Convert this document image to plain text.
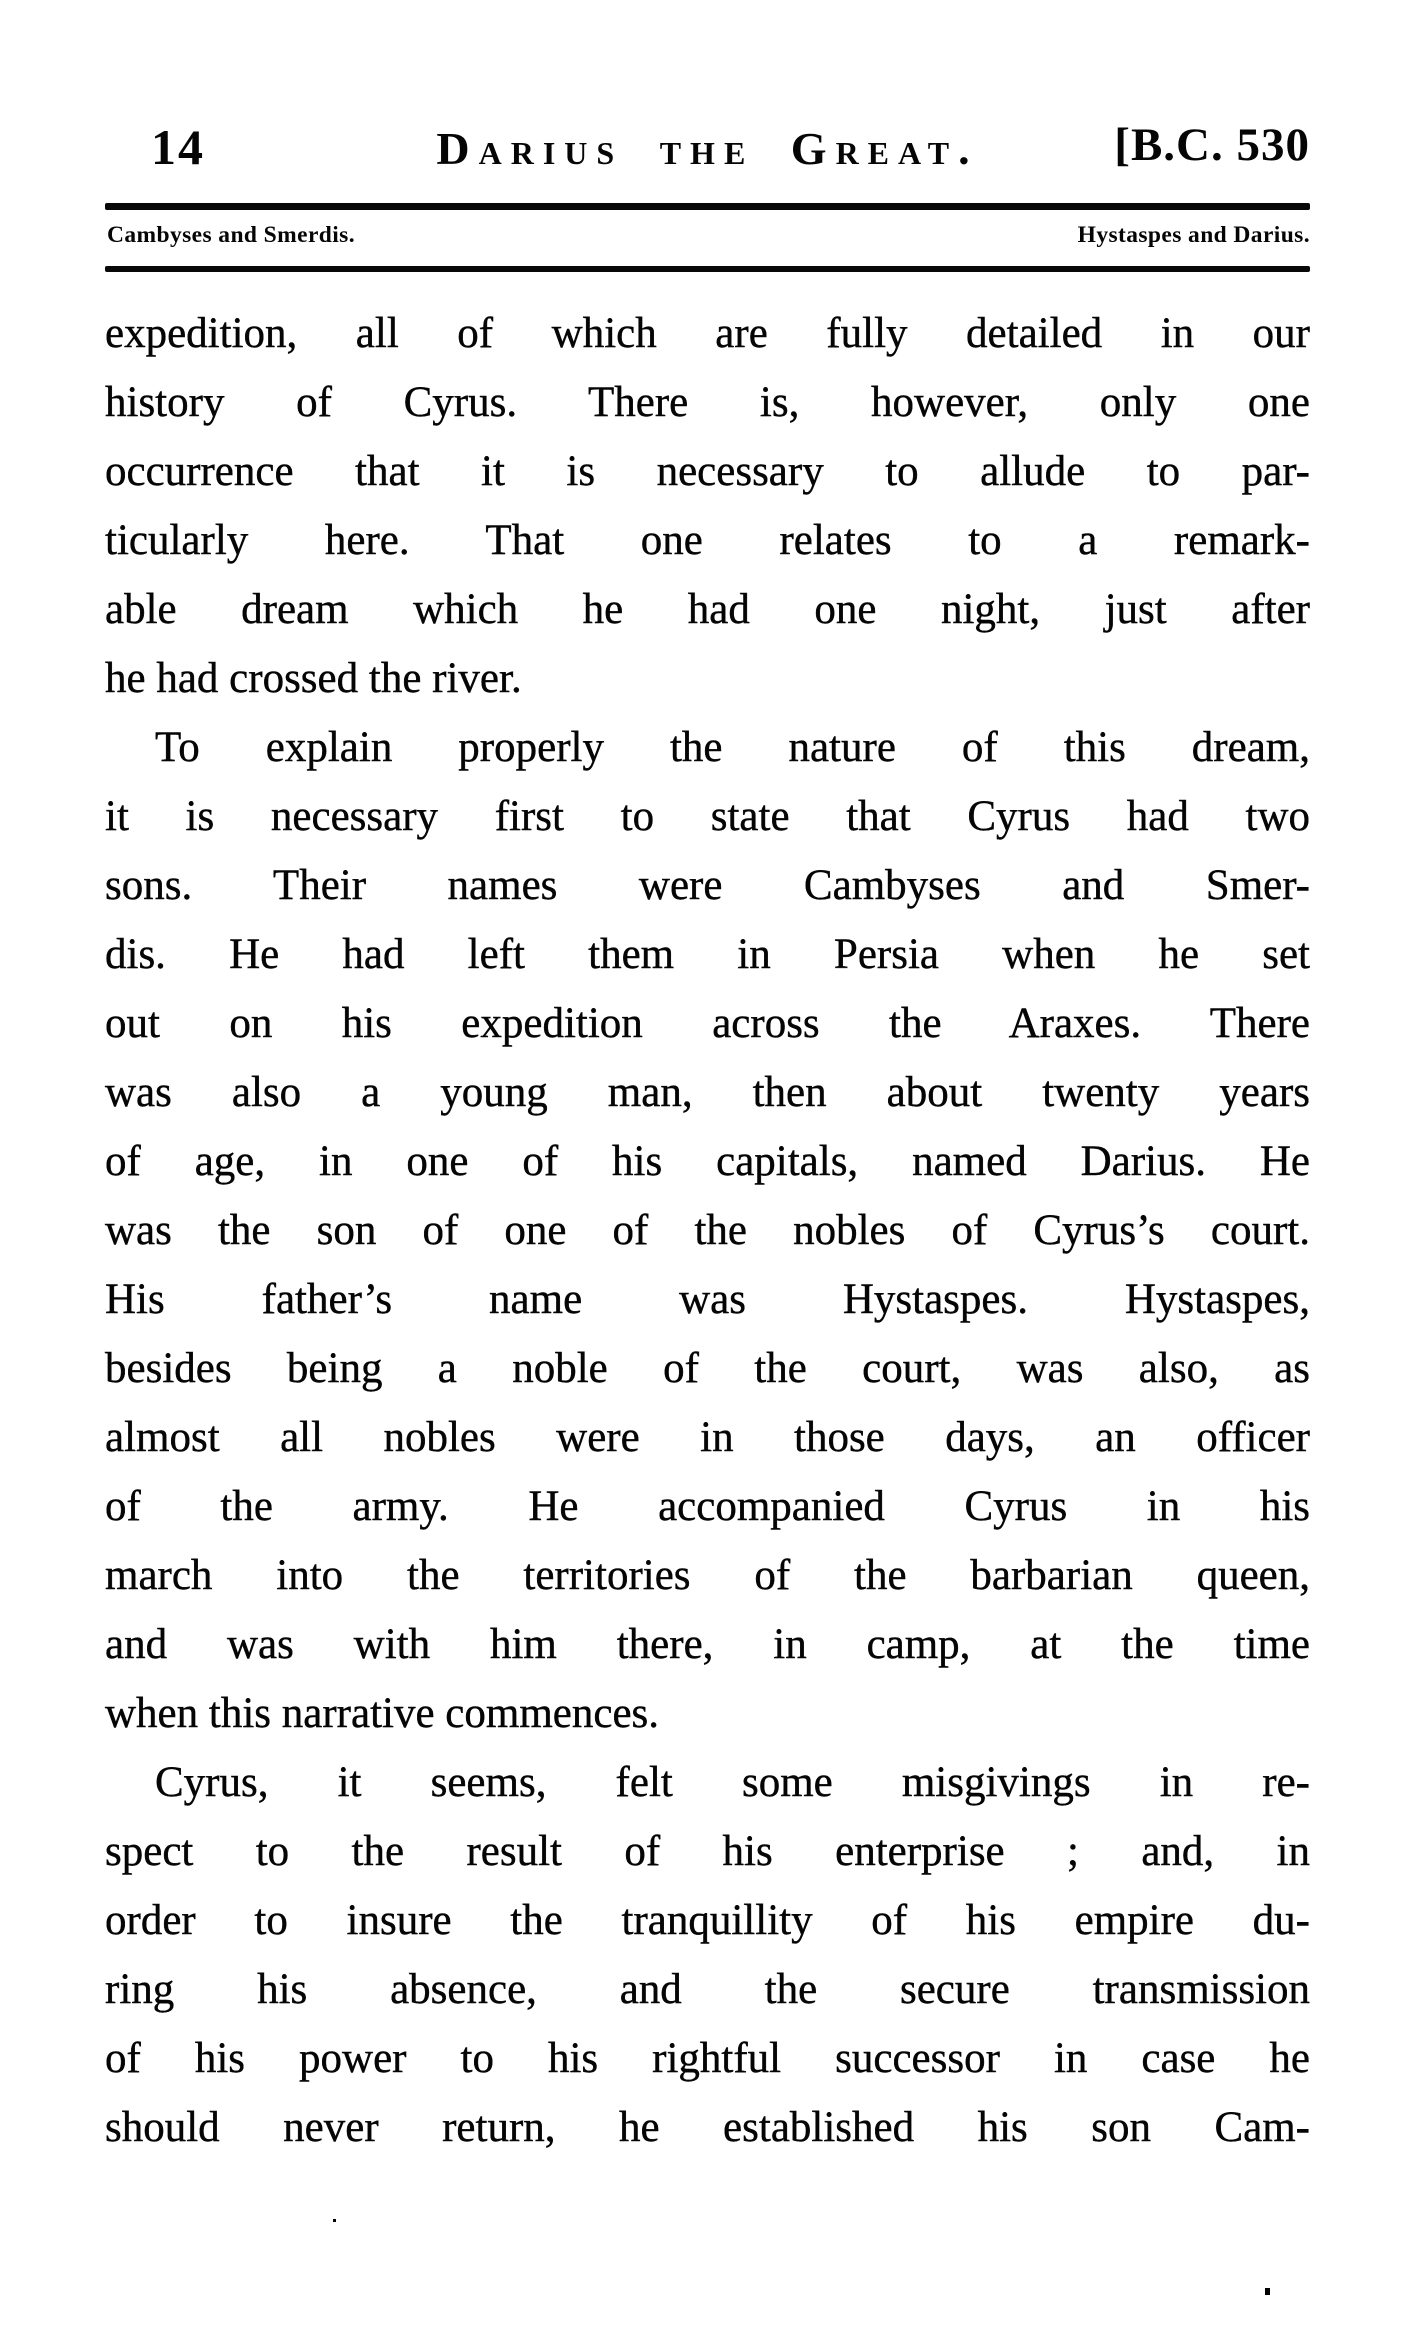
14	Darius the Great.	[B.C. 530
Cambyses and Smerdis.	Hystaspes and Darius.
expedition, all of which are fully detailed in our
history of Cyrus. There is, however, only one
occurrence that it is necessary to allude to par-
ticularly here. That one relates to a remark-
able dream which he had one night, just after
he had crossed the river.
To explain properly the nature of this dream,
it is necessary first to state that Cyrus had two
sons. Their names were Cambyses and Smer-
dis. He had left them in Persia when he set
out on his expedition across the Araxes. There
was also a young man, then about twenty years
of age, in one of his capitals, named Darius. He
was the son of one of the nobles of Cyrus’s court.
His father’s name was Hystaspes. Hystaspes,
besides being a noble of the court, was also, as
almost all nobles were in those days, an officer
of the army. He accompanied Cyrus in his
march into the territories of the barbarian queen,
and was with him there, in camp, at the time
when this narrative commences.
Cyrus, it seems, felt some misgivings in re-
spect to the result of his enterprise ; and, in
order to insure the tranquillity of his empire du-
ring his absence, and the secure transmission
of his power to his rightful successor in case he
should never return, he established his son Cam-
